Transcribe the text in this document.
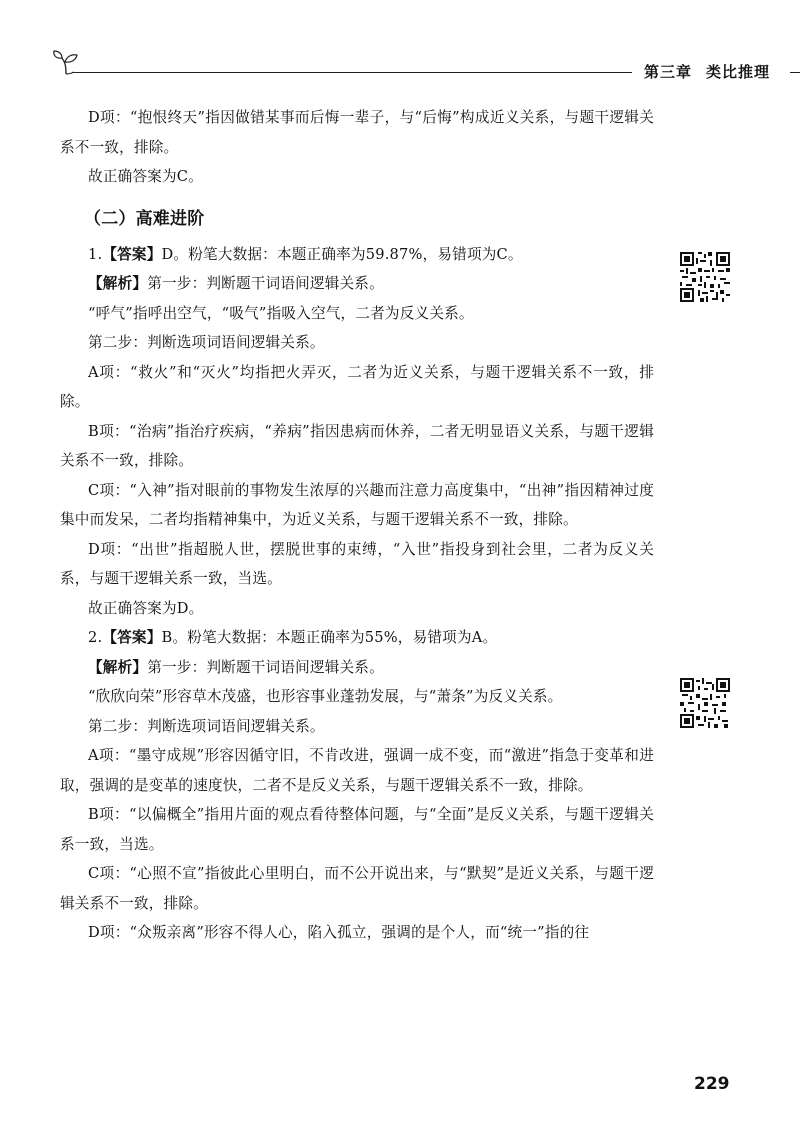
第三章 类比推理

D项：“抱恨终天”指因做错某事而后悔一辈子，与“后悔”构成近义关系，与题干逻辑关系不一致，排除。

故正确答案为C。

（二）高难进阶

1.【答案】D。粉笔大数据：本题正确率为59.87%，易错项为C。

【解析】第一步：判断题干词语间逻辑关系。

“呼气”指呼出空气，“吸气”指吸入空气，二者为反义关系。

第二步：判断选项词语间逻辑关系。

A项：“救火”和“灭火”均指把火弄灭，二者为近义关系，与题干逻辑关系不一致，排除。

B项：“治病”指治疗疾病，“养病”指因患病而休养，二者无明显语义关系，与题干逻辑关系不一致，排除。

C项：“入神”指对眼前的事物发生浓厚的兴趣而注意力高度集中，“出神”指因精神过度集中而发呆，二者均指精神集中，为近义关系，与题干逻辑关系不一致，排除。

D项：“出世”指超脱人世，摆脱世事的束缚，“入世”指投身到社会里，二者为反义关系，与题干逻辑关系一致，当选。

故正确答案为D。

2.【答案】B。粉笔大数据：本题正确率为55%，易错项为A。

【解析】第一步：判断题干词语间逻辑关系。

“欣欣向荣”形容草木茂盛，也形容事业蓬勃发展，与“萧条”为反义关系。

第二步：判断选项词语间逻辑关系。

A项：“墨守成规”形容因循守旧，不肯改进，强调一成不变，而“激进”指急于变革和进取，强调的是变革的速度快，二者不是反义关系，与题干逻辑关系不一致，排除。

B项：“以偏概全”指用片面的观点看待整体问题，与“全面”是反义关系，与题干逻辑关系一致，当选。

C项：“心照不宣”指彼此心里明白，而不公开说出来，与“默契”是近义关系，与题干逻辑关系不一致，排除。

D项：“众叛亲离”形容不得人心，陷入孤立，强调的是个人，而“统一”指的往

229
